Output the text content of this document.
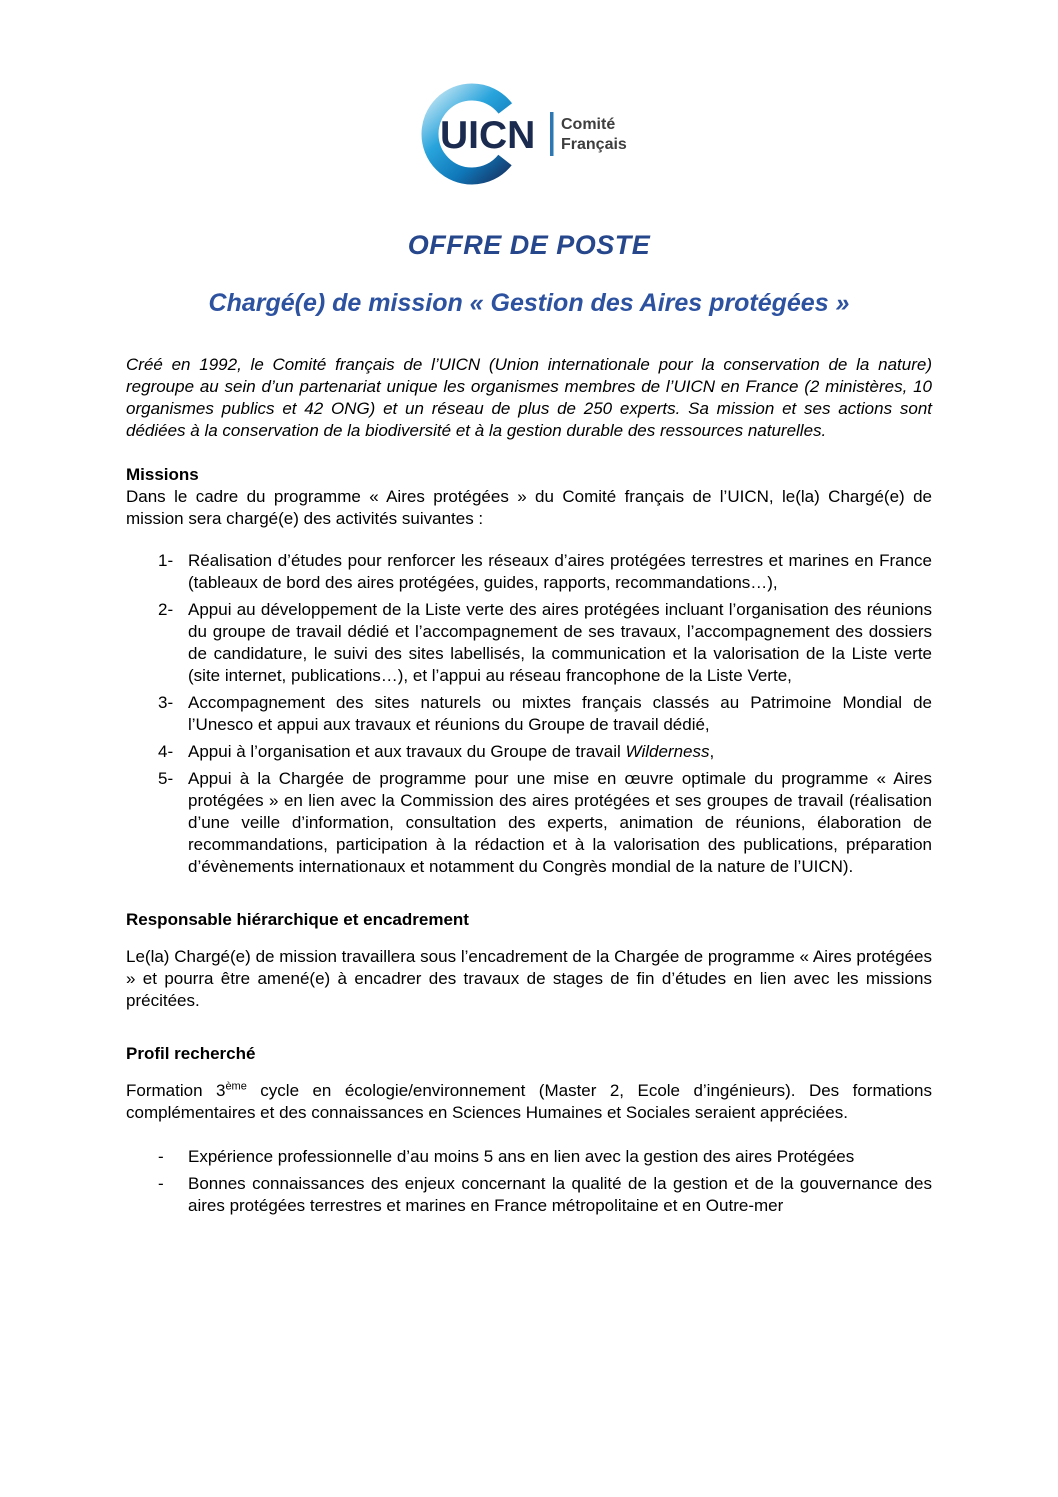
UICN Comité
Français
OFFRE DE POSTE
Chargé(e) de mission « Gestion des Aires protégées »

Créé en 1992, le Comité français de l’UICN (Union internationale pour la conservation de la nature) regroupe au sein d’un partenariat unique les organismes membres de l’UICN en France (2 ministères, 10 organismes publics et 42 ONG) et un réseau de plus de 250 experts. Sa mission et ses actions sont dédiées à la conservation de la biodiversité et à la gestion durable des ressources naturelles.

Missions

Dans le cadre du programme « Aires protégées » du Comité français de l’UICN, le(la) Chargé(e) de mission sera chargé(e) des activités suivantes :

1- Réalisation d’études pour renforcer les réseaux d’aires protégées terrestres et marines en France (tableaux de bord des aires protégées, guides, rapports, recommandations…),
2- Appui au développement de la Liste verte des aires protégées incluant l’organisation des réunions du groupe de travail dédié et l’accompagnement de ses travaux, l’accompagnement des dossiers de candidature, le suivi des sites labellisés, la communication et la valorisation de la Liste verte (site internet, publications…), et l’appui au réseau francophone de la Liste Verte,
3- Accompagnement des sites naturels ou mixtes français classés au Patrimoine Mondial de l’Unesco et appui aux travaux et réunions du Groupe de travail dédié,
4- Appui à l’organisation et aux travaux du Groupe de travail Wilderness,
5- Appui à la Chargée de programme pour une mise en œuvre optimale du programme « Aires protégées » en lien avec la Commission des aires protégées et ses groupes de travail (réalisation d’une veille d’information, consultation des experts, animation de réunions, élaboration de recommandations, participation à la rédaction et à la valorisation des publications, préparation d’évènements internationaux et notamment du Congrès mondial de la nature de l’UICN).

Responsable hiérarchique et encadrement

Le(la) Chargé(e) de mission travaillera sous l’encadrement de la Chargée de programme « Aires protégées » et pourra être amené(e) à encadrer des travaux de stages de fin d’études en lien avec les missions précitées.

Profil recherché

Formation 3ème cycle en écologie/environnement (Master 2, Ecole d’ingénieurs). Des formations complémentaires et des connaissances en Sciences Humaines et Sociales seraient appréciées.

-	Expérience professionnelle d’au moins 5 ans en lien avec la gestion des aires Protégées
-	Bonnes connaissances des enjeux concernant la qualité de la gestion et de la gouvernance des aires protégées terrestres et marines en France métropolitaine et en Outre-mer
